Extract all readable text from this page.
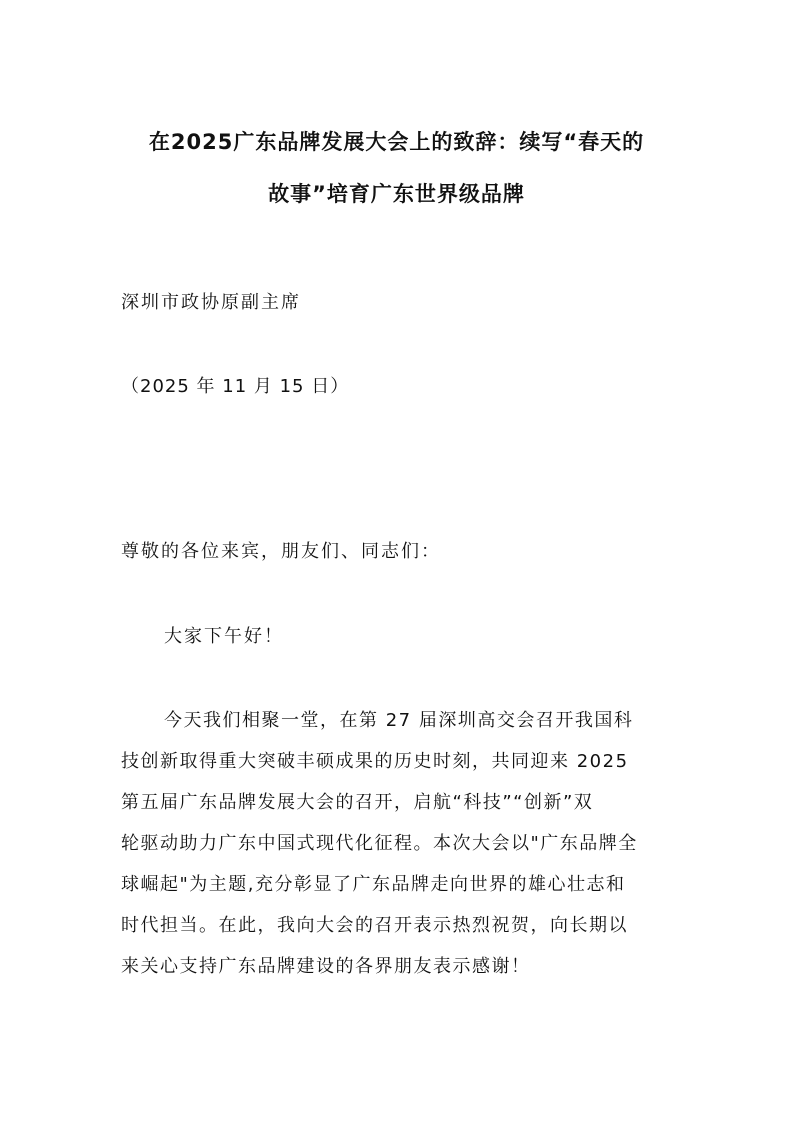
在2025广东品牌发展大会上的致辞：续写“春天的
故事”培育广东世界级品牌
深圳市政协原副主席
（2025 年 11 月 15 日）
尊敬的各位来宾，朋友们、同志们：
大家下午好！
今天我们相聚一堂，在第 27 届深圳高交会召开我国科
技创新取得重大突破丰硕成果的历史时刻，共同迎来 2025
第五届广东品牌发展大会的召开，启航“科技”“创新”双
轮驱动助力广东中国式现代化征程。本次大会以"广东品牌全
球崛起"为主题,充分彰显了广东品牌走向世界的雄心壮志和
时代担当。在此，我向大会的召开表示热烈祝贺，向长期以
来关心支持广东品牌建设的各界朋友表示感谢！
